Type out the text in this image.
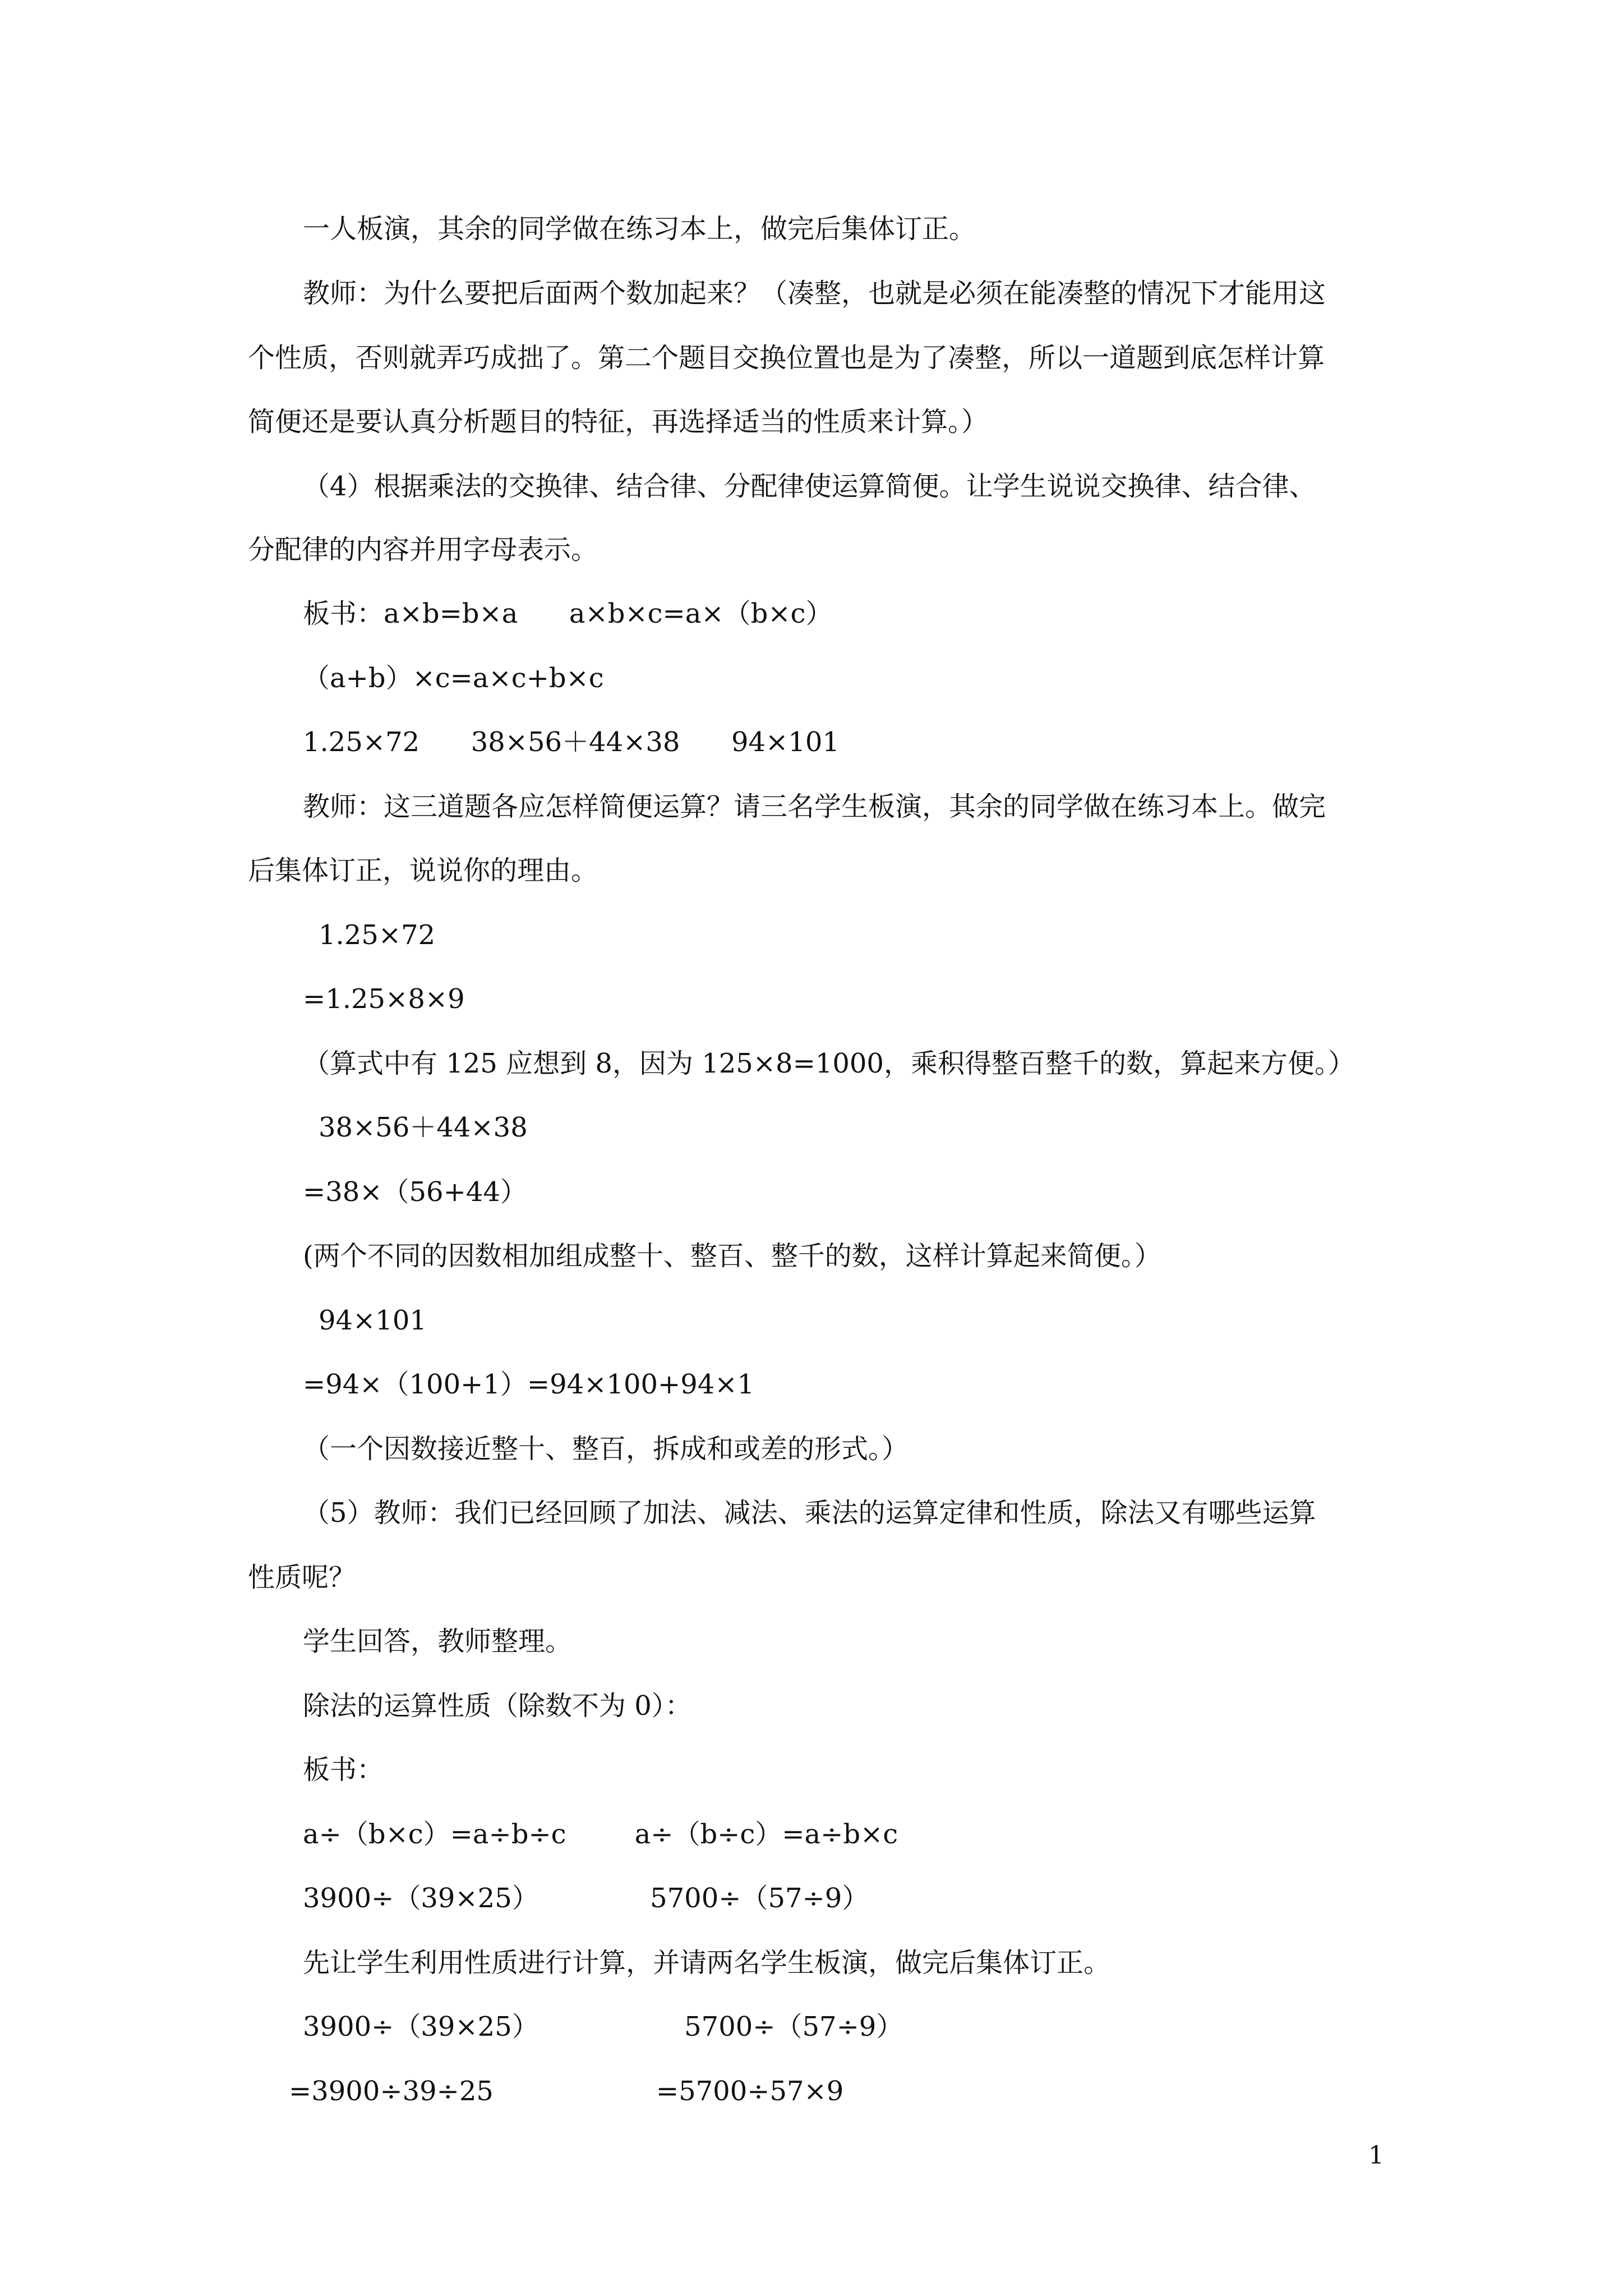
一人板演，其余的同学做在练习本上，做完后集体订正。
教师：为什么要把后面两个数加起来？（凑整，也就是必须在能凑整的情况下才能用这
个性质，否则就弄巧成拙了。第二个题目交换位置也是为了凑整，所以一道题到底怎样计算
简便还是要认真分析题目的特征，再选择适当的性质来计算。）
（4）根据乘法的交换律、结合律、分配律使运算简便。让学生说说交换律、结合律、
分配律的内容并用字母表示。
板书：a×b=b×a      a×b×c=a×（b×c）
（a+b）×c=a×c+b×c
1.25×72      38×56＋44×38      94×101
教师：这三道题各应怎样简便运算？请三名学生板演，其余的同学做在练习本上。做完
后集体订正，说说你的理由。
1.25×72
=1.25×8×9
（算式中有 125 应想到 8，因为 125×8=1000，乘积得整百整千的数，算起来方便。）
38×56＋44×38
=38×（56+44）
(两个不同的因数相加组成整十、整百、整千的数，这样计算起来简便。）
94×101
=94×（100+1）=94×100+94×1
（一个因数接近整十、整百，拆成和或差的形式。）
（5）教师：我们已经回顾了加法、减法、乘法的运算定律和性质，除法又有哪些运算
性质呢？
学生回答，教师整理。
除法的运算性质（除数不为 0）：
板书：
a÷（b×c）=a÷b÷c        a÷（b÷c）=a÷b×c
3900÷（39×25）             5700÷（57÷9）
先让学生利用性质进行计算，并请两名学生板演，做完后集体订正。
3900÷（39×25）                 5700÷（57÷9）
=3900÷39÷25                   =5700÷57×9
1
